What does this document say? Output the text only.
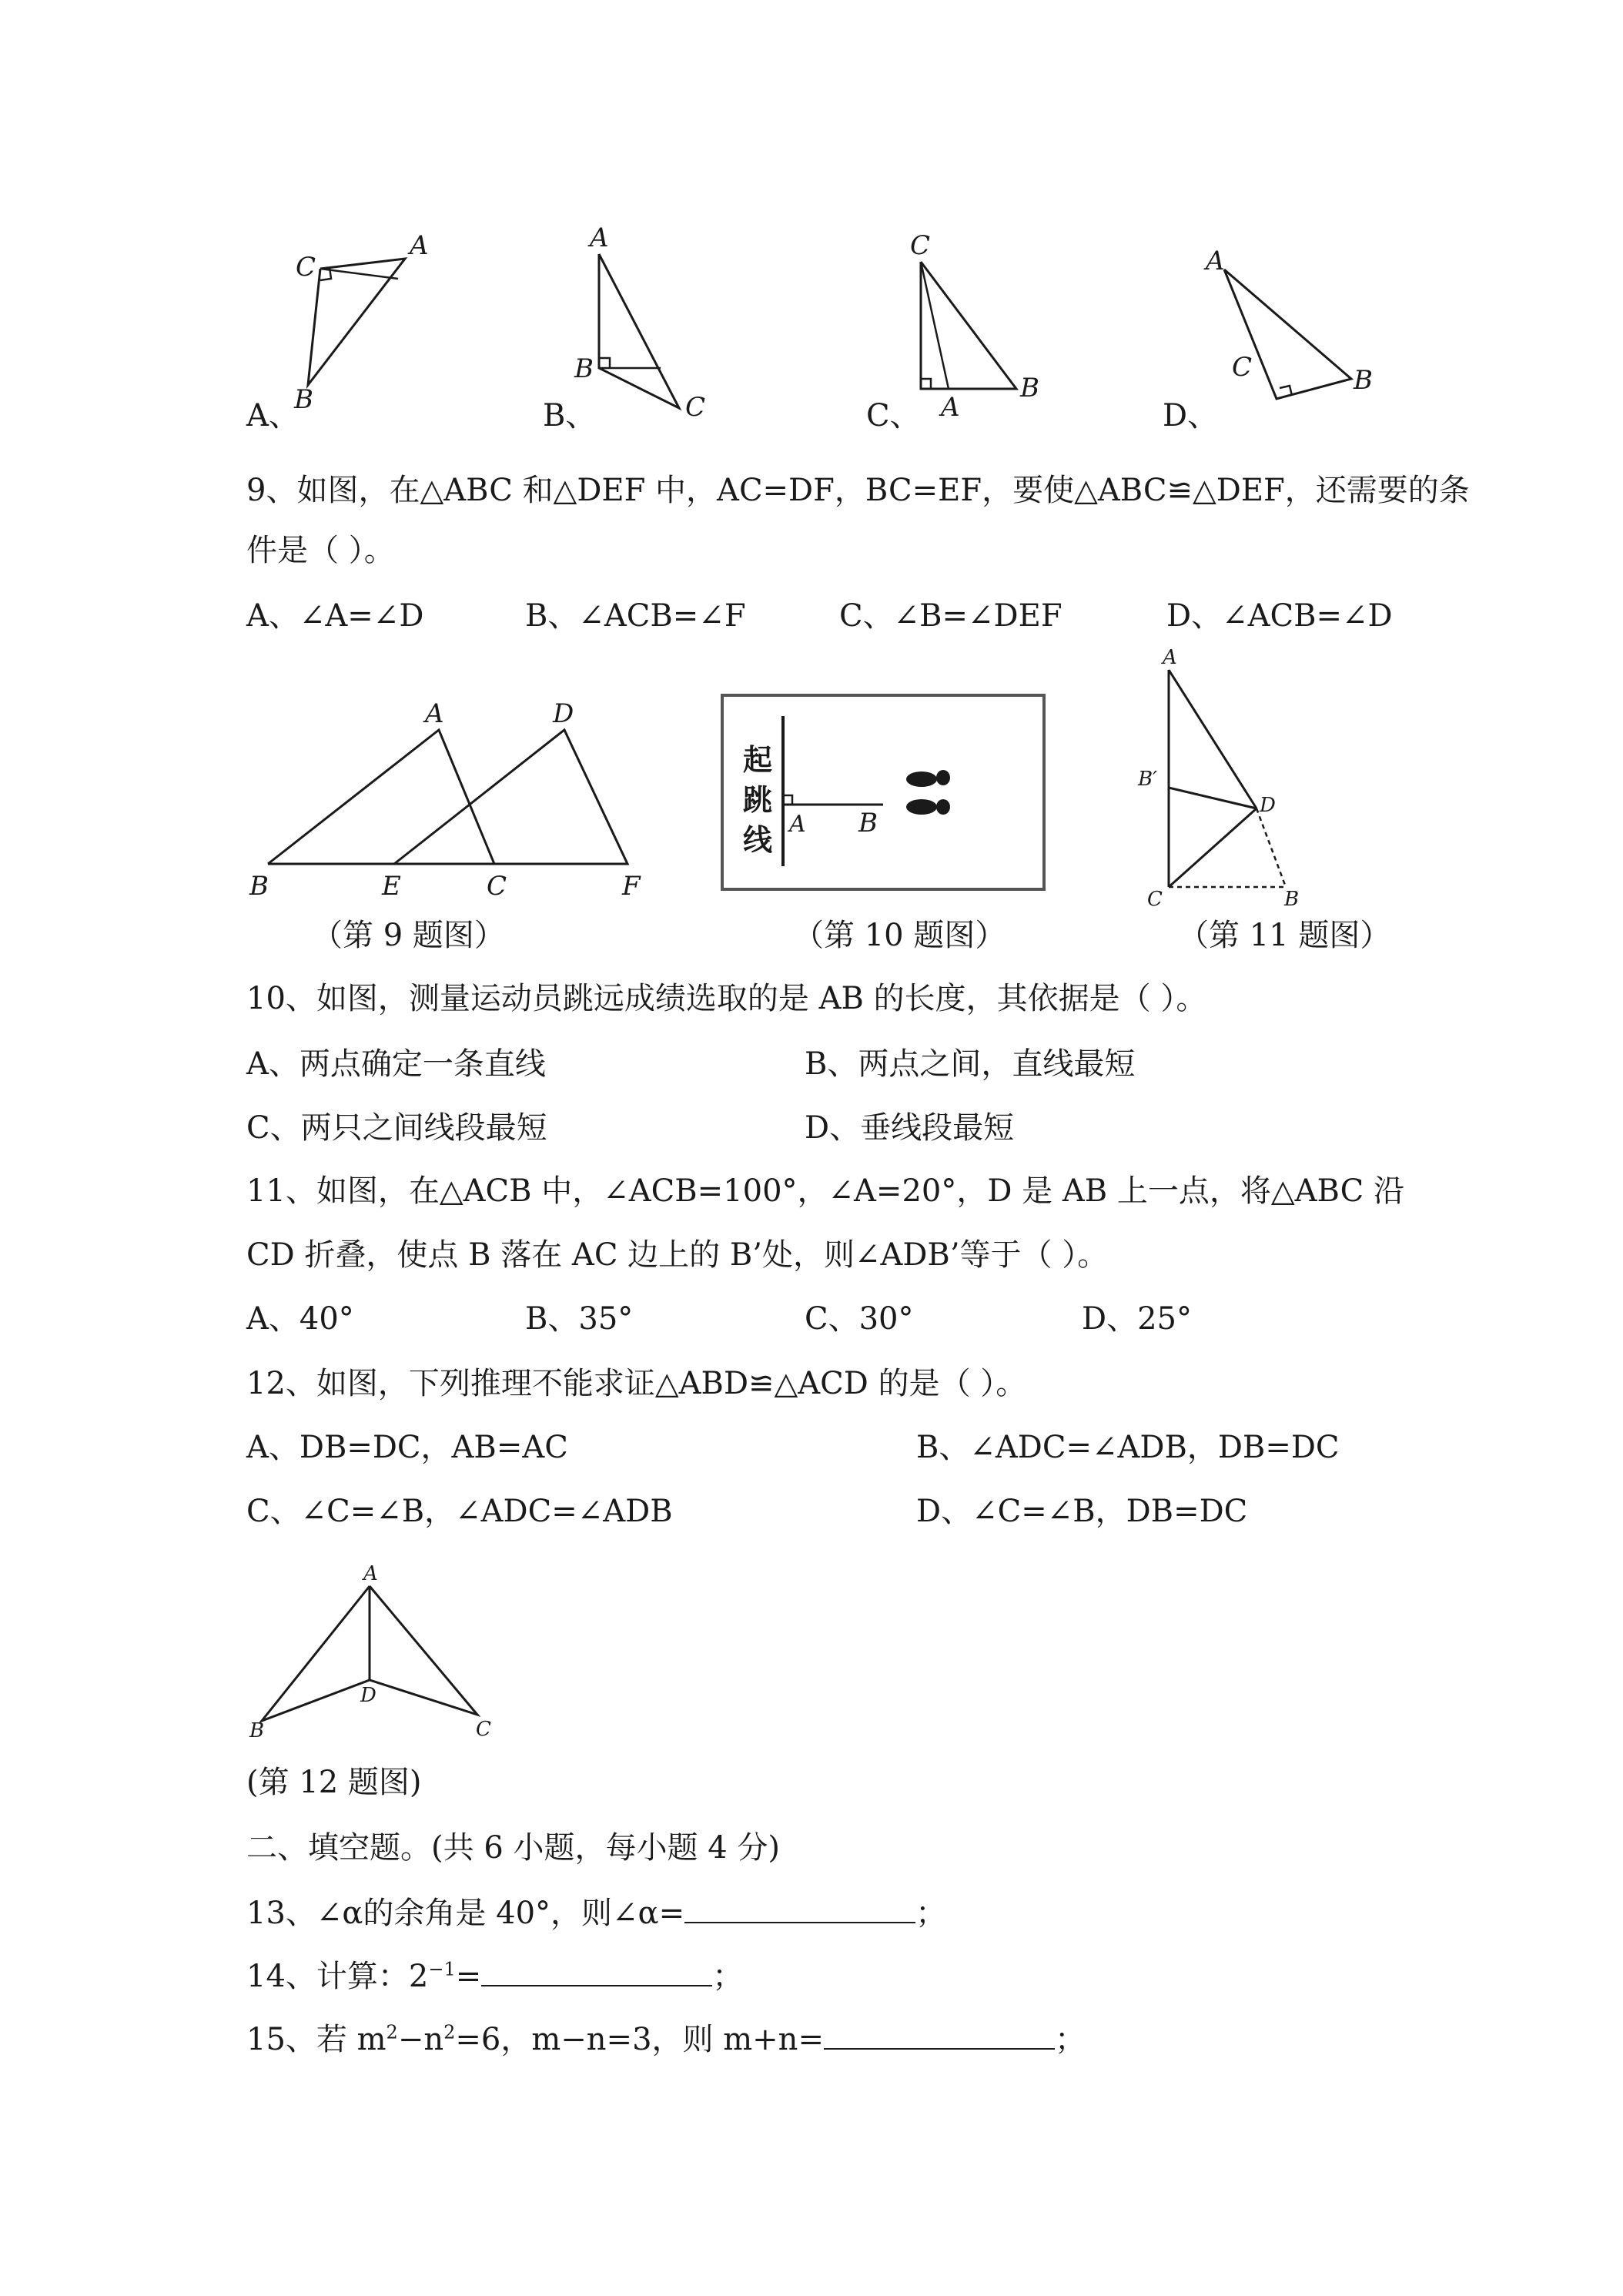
C
A
B
A、
A
B
C
B、
C
A
B
C、
A
C	B
D、
9、如图，在△ABC 和△DEF 中，AC=DF，BC=EF，要使△ABC≌△DEF，还需要的条
件是（ ）。
A、∠A=∠D	B、∠ACB=∠F	C、∠B=∠DEF	D、∠ACB=∠D
A	D
B	E	C	F
（第 9 题图）
起
跳
线 A B
（第 10 题图）
A
B′
D
C	B
（第 11 题图）
10、如图，测量运动员跳远成绩选取的是 AB 的长度，其依据是（ ）。
A、两点确定一条直线	B、两点之间，直线最短
C、两只之间线段最短	D、垂线段最短
11、如图，在△ACB 中，∠ACB=100°，∠A=20°，D 是 AB 上一点，将△ABC 沿
CD 折叠，使点 B 落在 AC 边上的 B’处，则∠ADB’等于（ ）。
A、40°	B、35°	C、30°	D、25°
12、如图，下列推理不能求证△ABD≌△ACD 的是（ ）。
A、DB=DC，AB=AC	B、∠ADC=∠ADB，DB=DC
C、∠C=∠B，∠ADC=∠ADB	D、∠C=∠B，DB=DC
A
D
B	C
(第 12 题图)
二、填空题。(共 6 小题，每小题 4 分)
13、∠α的余角是 40°，则∠α=	；
14、计算：$2^{-1}=$	；
15、若 $m^2-n^2=6$，m−n=3，则 m+n=	；
